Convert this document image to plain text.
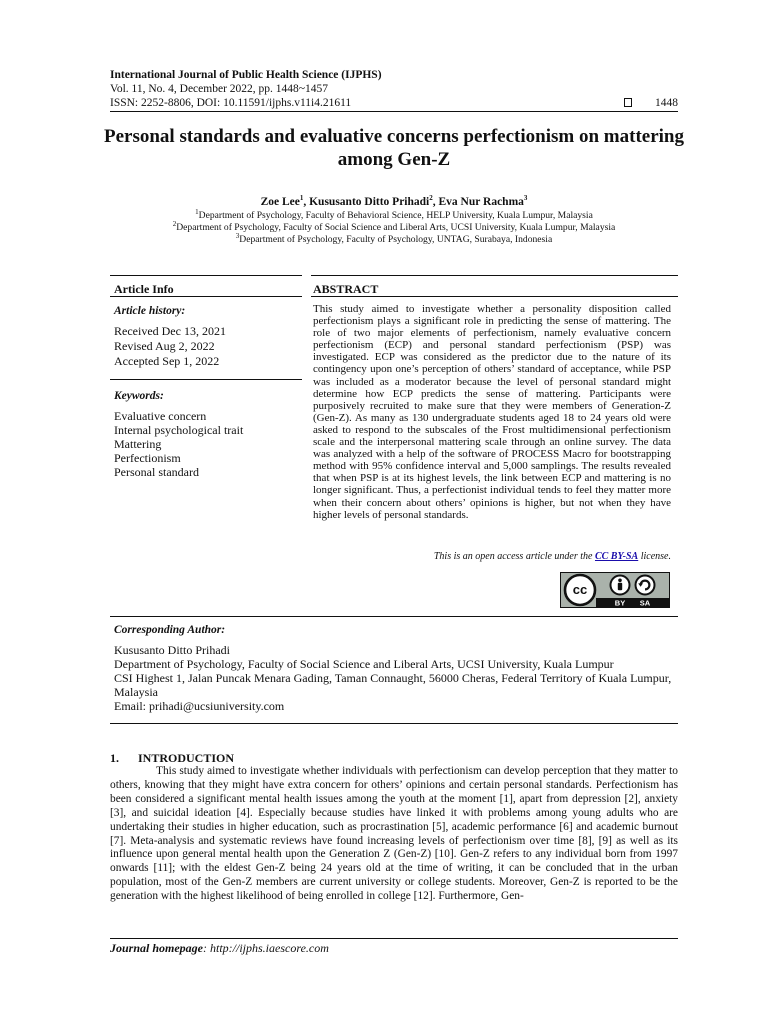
International Journal of Public Health Science (IJPHS)
Vol. 11, No. 4, December 2022, pp. 1448~1457
ISSN: 2252-8806, DOI: 10.11591/ijphs.v11i4.21611	1448
Personal standards and evaluative concerns perfectionism on mattering among Gen-Z
Zoe Lee$^1$, Kususanto Ditto Prihadi$^2$, Eva Nur Rachma$^3$
$^1$Department of Psychology, Faculty of Behavioral Science, HELP University, Kuala Lumpur, Malaysia
$^2$Department of Psychology, Faculty of Social Science and Liberal Arts, UCSI University, Kuala Lumpur, Malaysia
$^3$Department of Psychology, Faculty of Psychology, UNTAG, Surabaya, Indonesia
Article Info	ABSTRACT
Article history:
Received Dec 13, 2021
Revised Aug 2, 2022
Accepted Sep 1, 2022
Keywords:
Evaluative concern
Internal psychological trait
Mattering
Perfectionism
Personal standard
This study aimed to investigate whether a personality disposition called perfectionism plays a significant role in predicting the sense of mattering. The role of two major elements of perfectionism, namely evaluative concern perfectionism (ECP) and personal standard perfectionism (PSP) was investigated. ECP was considered as the predictor due to the nature of its contingency upon one’s perception of others’ standard of acceptance, while PSP was included as a moderator because the level of personal standard might determine how ECP predicts the sense of mattering. Participants were purposively recruited to make sure that they were members of Generation-Z (Gen-Z). As many as 130 undergraduate students aged 18 to 24 years old were asked to respond to the subscales of the Frost multidimensional perfectionism scale and the interpersonal mattering scale through an online survey. The data was analyzed with a help of the software of PROCESS Macro for bootstrapping method with 95% confidence interval and 5,000 samplings. The results revealed that when PSP is at its highest levels, the link between ECP and mattering is no longer significant. Thus, a perfectionist individual tends to feel they matter more when their concern about others’ opinions is higher, but not when they have higher levels of personal standards.
This is an open access article under the CC BY-SA license.
cc
BY SA
Corresponding Author:
Kususanto Ditto Prihadi
Department of Psychology, Faculty of Social Science and Liberal Arts, UCSI University, Kuala Lumpur
CSI Highest 1, Jalan Puncak Menara Gading, Taman Connaught, 56000 Cheras, Federal Territory of Kuala Lumpur, Malaysia
Email: prihadi@ucsiuniversity.com
1. INTRODUCTION
This study aimed to investigate whether individuals with perfectionism can develop perception that they matter to others, knowing that they might have extra concern for others’ opinions and certain personal standards. Perfectionism has been considered a significant mental health issues among the youth at the moment [1], apart from depression [2], anxiety [3], and suicidal ideation [4]. Especially because studies have linked it with problems among young adults who are undertaking their studies in higher education, such as procrastination [5], academic performance [6] and academic burnout [7]. Meta-analysis and systematic reviews have found increasing levels of perfectionism over time [8], [9] as well as its influence upon general mental health upon the Generation Z (Gen-Z) [10]. Gen-Z refers to any individual born from 1997 onwards [11]; with the eldest Gen-Z being 24 years old at the time of writing, it can be concluded that in the urban population, most of the Gen-Z members are current university or college students. Moreover, Gen-Z is reported to be the generation with the highest likelihood of being enrolled in college [12]. Furthermore, Gen-
Journal homepage: http://ijphs.iaescore.com
